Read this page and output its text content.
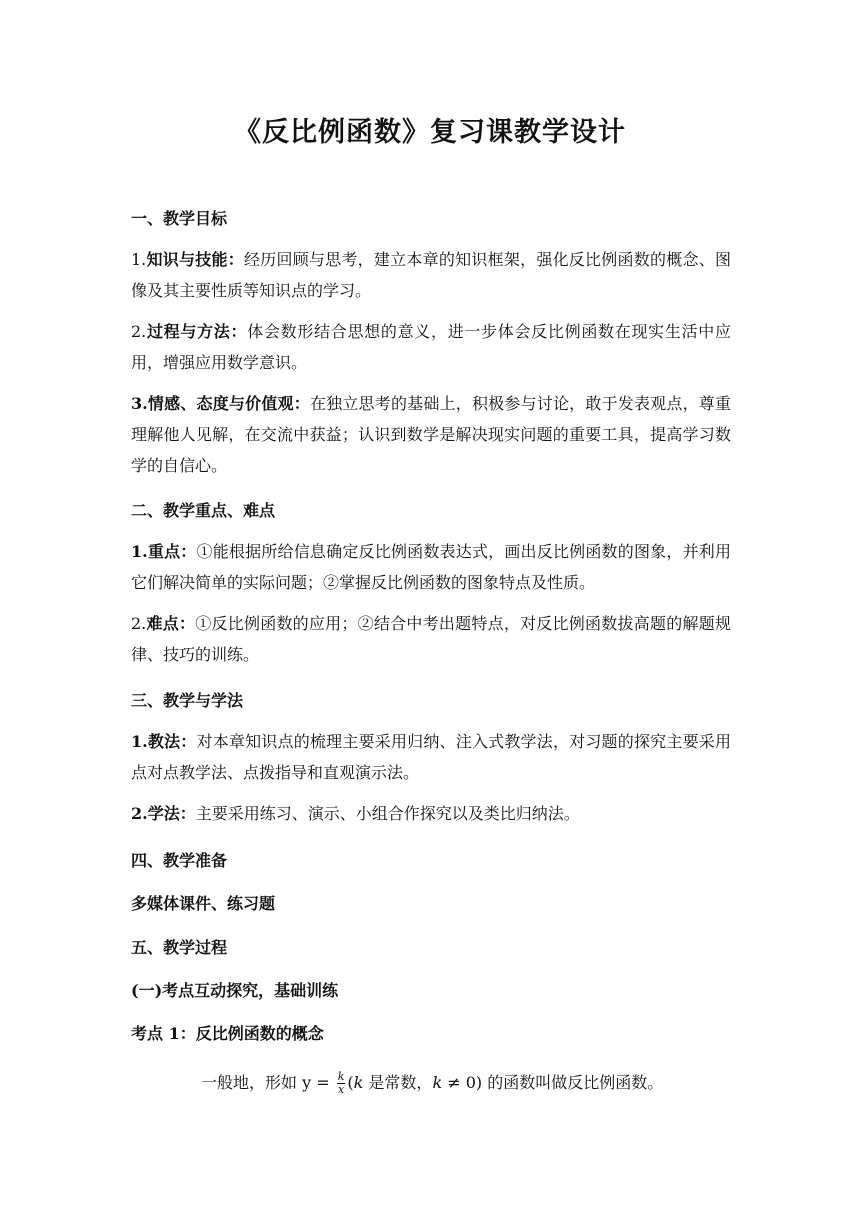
《反比例函数》复习课教学设计
一、教学目标
1.知识与技能：经历回顾与思考，建立本章的知识框架，强化反比例函数的概念、图像及其主要性质等知识点的学习。
2.过程与方法：体会数形结合思想的意义，进一步体会反比例函数在现实生活中应用，增强应用数学意识。
3.情感、态度与价值观：在独立思考的基础上，积极参与讨论，敢于发表观点，尊重理解他人见解，在交流中获益；认识到数学是解决现实问题的重要工具，提高学习数学的自信心。
二、教学重点、难点
1.重点：①能根据所给信息确定反比例函数表达式，画出反比例函数的图象，并利用它们解决简单的实际问题；②掌握反比例函数的图象特点及性质。
2.难点：①反比例函数的应用；②结合中考出题特点，对反比例函数拔高题的解题规律、技巧的训练。
三、教学与学法
1.教法：对本章知识点的梳理主要采用归纳、注入式教学法，对习题的探究主要采用点对点教学法、点拨指导和直观演示法。
2.学法：主要采用练习、演示、小组合作探究以及类比归纳法。
四、教学准备
多媒体课件、练习题
五、教学过程
(一)考点互动探究，基础训练
考点 1：反比例函数的概念
一般地，形如 $y = \frac{k}{x} (k$ 是常数，k ≠ 0) 的函数叫做反比例函数。
